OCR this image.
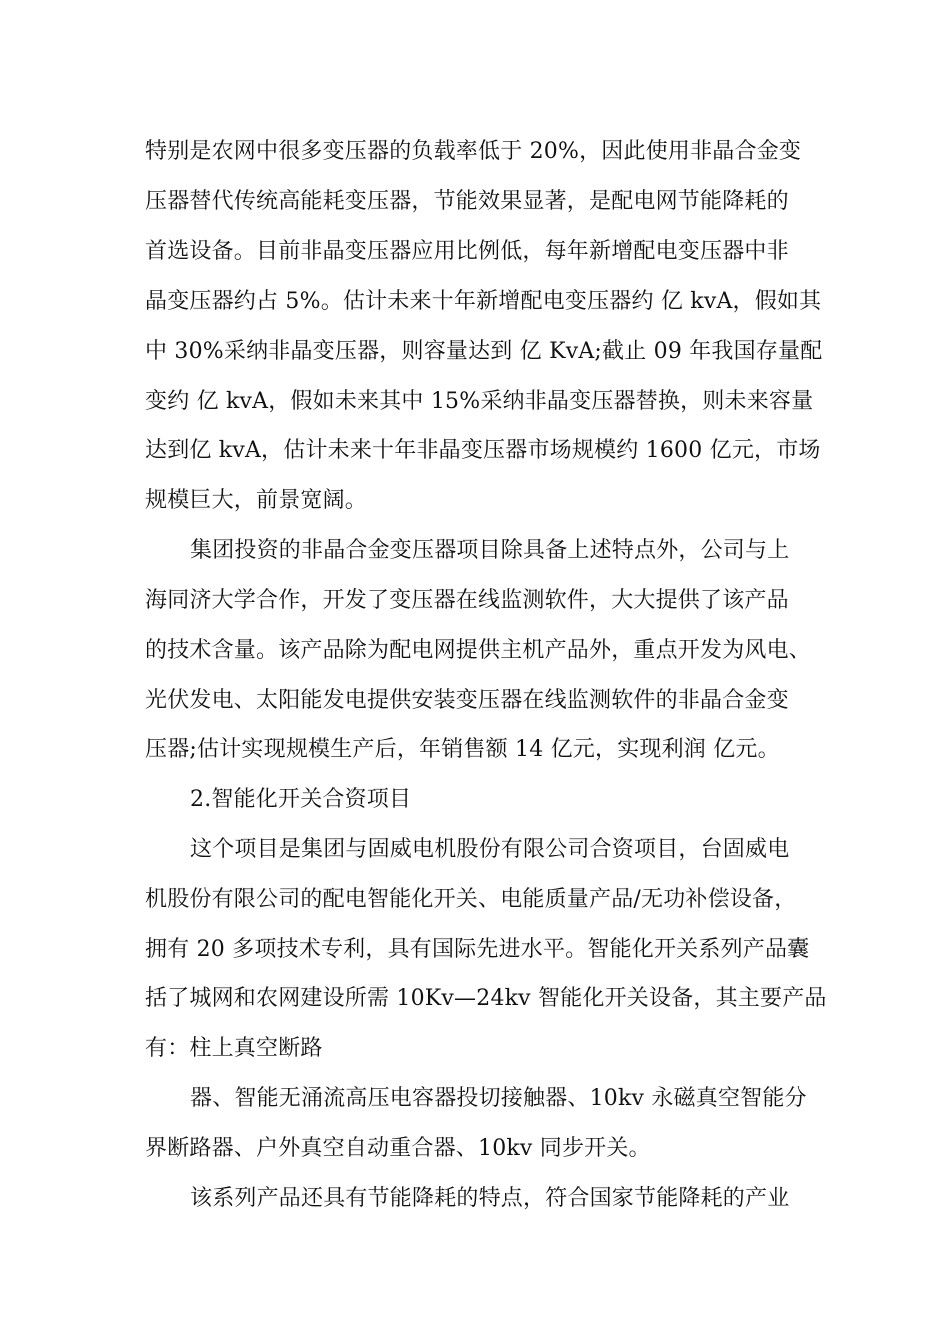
特别是农网中很多变压器的负载率低于 20%，因此使用非晶合金变
压器替代传统高能耗变压器，节能效果显著，是配电网节能降耗的
首选设备。目前非晶变压器应用比例低，每年新增配电变压器中非
晶变压器约占 5%。估计未来十年新增配电变压器约 亿 kvA，假如其
中 30%采纳非晶变压器，则容量达到 亿 KvA;截止 09 年我国存量配
变约 亿 kvA，假如未来其中 15%采纳非晶变压器替换，则未来容量
达到亿 kvA，估计未来十年非晶变压器市场规模约 1600 亿元，市场
规模巨大，前景宽阔。
集团投资的非晶合金变压器项目除具备上述特点外，公司与上
海同济大学合作，开发了变压器在线监测软件，大大提供了该产品
的技术含量。该产品除为配电网提供主机产品外，重点开发为风电、
光伏发电、太阳能发电提供安装变压器在线监测软件的非晶合金变
压器;估计实现规模生产后，年销售额 14 亿元，实现利润 亿元。
2.智能化开关合资项目
这个项目是集团与固威电机股份有限公司合资项目，台固威电
机股份有限公司的配电智能化开关、电能质量产品/无功补偿设备，
拥有 20 多项技术专利，具有国际先进水平。智能化开关系列产品囊
括了城网和农网建设所需 10Kv—24kv 智能化开关设备，其主要产品
有：柱上真空断路
器、智能无涌流高压电容器投切接触器、10kv 永磁真空智能分
界断路器、户外真空自动重合器、10kv 同步开关。
该系列产品还具有节能降耗的特点，符合国家节能降耗的产业
